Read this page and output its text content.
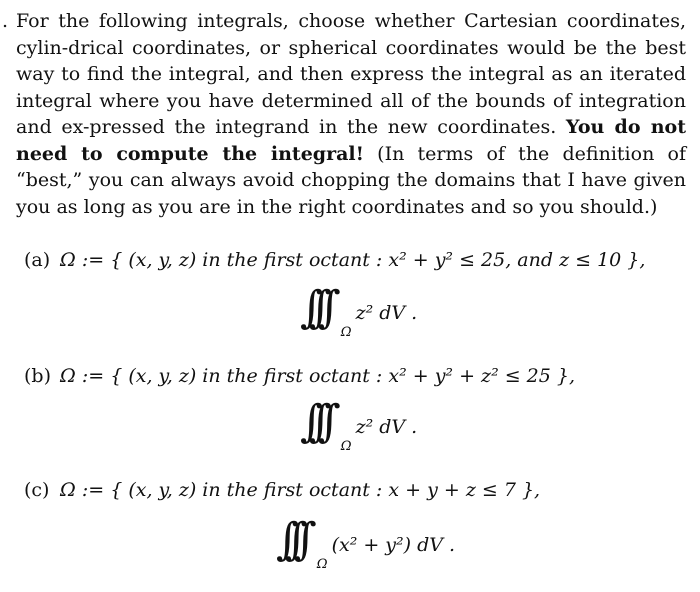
. For the following integrals, choose whether Cartesian coordinates, cylin-drical coordinates, or spherical coordinates would be the best way to find the integral, and then express the integral as an iterated integral where you have determined all of the bounds of integration and ex-pressed the integrand in the new coordinates. You do not need to compute the integral! (In terms of the definition of “best,” you can always avoid chopping the domains that I have given you as long as you are in the right coordinates and so you should.)
(a) Ω := { (x, y, z) in the first octant : x² + y² ≤ 25, and z ≤ 10 },
∫∫∫ Ω
z² dV .
(b) Ω := { (x, y, z) in the first octant : x² + y² + z² ≤ 25 },
∫∫∫ Ω
z² dV .
(c) Ω := { (x, y, z) in the first octant : x + y + z ≤ 7 },
∫∫∫ Ω
(x² + y²) dV .
